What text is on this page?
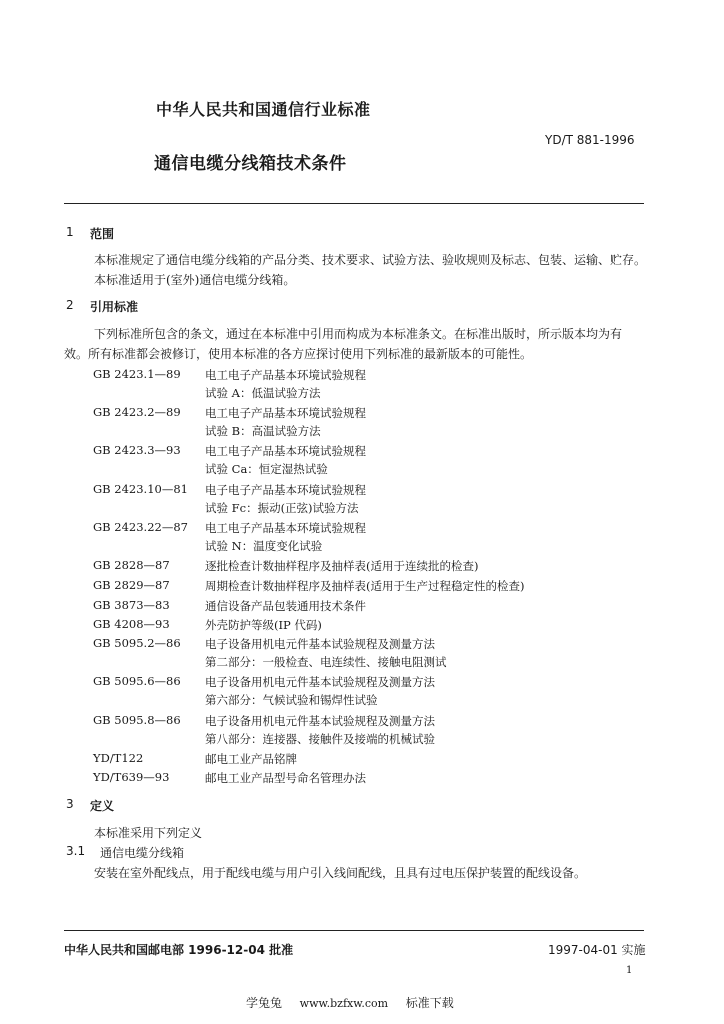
中华人民共和国通信行业标准
YD/T 881-1996
通信电缆分线箱技术条件
1 范围
本标准规定了通信电缆分线箱的产品分类、技术要求、试验方法、验收规则及标志、包装、运输、贮存。
本标准适用于(室外)通信电缆分线箱。
2 引用标准
下列标准所包含的条文，通过在本标准中引用而构成为本标准条文。在标准出版时，所示版本均为有
效。所有标准都会被修订，使用本标准的各方应探讨使用下列标准的最新版本的可能性。
GB 2423.1—89 电工电子产品基本环境试验规程
试验 A：低温试验方法
GB 2423.2—89 电工电子产品基本环境试验规程
试验 B：高温试验方法
GB 2423.3—93 电工电子产品基本环境试验规程
试验 Ca：恒定湿热试验
GB 2423.10—81 电子电子产品基本环境试验规程
试验 Fc：振动(正弦)试验方法
GB 2423.22—87 电工电子产品基本环境试验规程
试验 N：温度变化试验
GB 2828—87	逐批检查计数抽样程序及抽样表(适用于连续批的检查)
GB 2829—87	周期检查计数抽样程序及抽样表(适用于生产过程稳定性的检查)
GB 3873—83	通信设备产品包装通用技术条件
GB 4208—93	外壳防护等级(IP 代码)
GB 5095.2—86 电子设备用机电元件基本试验规程及测量方法
第二部分：一般检查、电连续性、接触电阻测试
GB 5095.6—86 电子设备用机电元件基本试验规程及测量方法
第六部分：气候试验和锡焊性试验
GB 5095.8—86 电子设备用机电元件基本试验规程及测量方法
第八部分：连接器、接触件及接端的机械试验
YD/T122	邮电工业产品铭牌
YD/T639—93	邮电工业产品型号命名管理办法
3 定义
本标准采用下列定义
3.1 通信电缆分线箱
安装在室外配线点，用于配线电缆与用户引入线间配线，且具有过电压保护装置的配线设备。
中华人民共和国邮电部 1996-12-04 批准	1997-04-01 实施
1
学兔兔 www.bzfxw.com 标准下载
